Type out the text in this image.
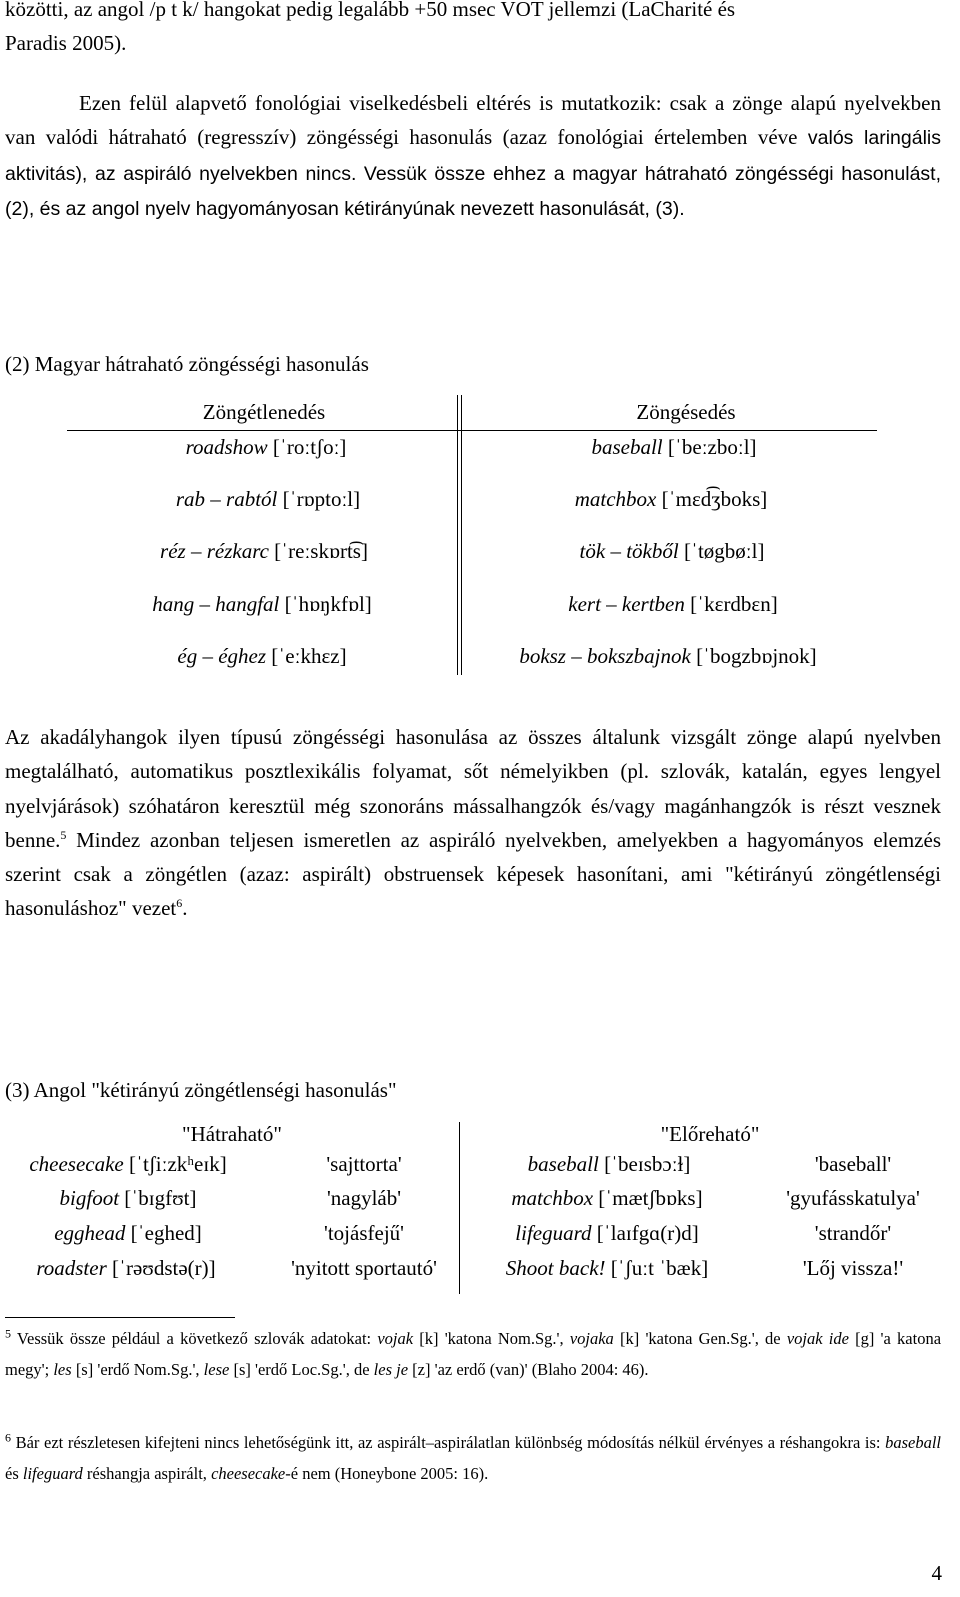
közötti, az angol /p t k/ hangokat pedig legalább +50 msec VOT jellemzi (LaCharité és
Paradis 2005).

Ezen felül alapvető fonológiai viselkedésbeli eltérés is mutatkozik: csak a zönge alapú nyelvekben van valódi hátraható (regresszív) zöngésségi hasonulás (azaz fonológiai értelemben véve valós laringális aktivitás), az aspiráló nyelvekben nincs. Vessük össze ehhez a magyar hátraható zöngésségi hasonulást, (2), és az angol nyelv hagyományosan kétirányúnak nevezett hasonulását, (3).

(2) Magyar hátraható zöngésségi hasonulás
Zöngétlenedés	Zöngésedés
roadshow [ˈroːtʃoː]
rab – rabtól [ˈrɒptoːl]
réz – rézkarc [ˈreːskɒrt͡s]
hang – hangfal [ˈhɒŋkfɒl]
ég – éghez [ˈeːkhɛz]
baseball [ˈbeːzboːl]
matchbox [ˈmɛd͡ʒboks]
tök – tökből [ˈtøgbøːl]
kert – kertben [ˈkɛrdbɛn]
boksz – bokszbajnok [ˈbogzbɒjnok]

Az akadályhangok ilyen típusú zöngésségi hasonulása az összes általunk vizsgált zönge alapú nyelvben megtalálható, automatikus posztlexikális folyamat, sőt némelyikben (pl. szlovák, katalán, egyes lengyel nyelvjárások) szóhatáron keresztül még szonoráns mássalhangzók és/vagy magánhangzók is részt vesznek benne.$^5$ Mindez azonban teljesen ismeretlen az aspiráló nyelvekben, amelyekben a hagyományos elemzés szerint csak a zöngétlen (azaz: aspirált) obstruensek képesek hasonítani, ami "kétirányú zöngétlenségi hasonuláshoz" vezet$^6$.

(3) Angol "kétirányú zöngétlenségi hasonulás"
"Hátraható"	"Előreható"
cheesecake [ˈtʃiːzkʰeɪk]
bigfoot [ˈbɪgfʊt]
egghead [ˈeghed]
roadster [ˈrəʊdstə(r)]
'sajttorta'
'nagyláb'
'tojásfejű'
'nyitott sportautó'
baseball [ˈbeɪsbɔːɫ]
matchbox [ˈmætʃbɒks]
lifeguard [ˈlaɪfgɑ(r)d]
Shoot back! [ˈʃuːt ˈbæk]
'baseball'
'gyufásskatulya'
'strandőr'
'Lőj vissza!'

$^5$ Vessük össze például a következő szlovák adatokat: vojak [k] 'katona Nom.Sg.', vojaka [k] 'katona Gen.Sg.', de vojak ide [g] 'a katona megy'; les [s] 'erdő Nom.Sg.', lese [s] 'erdő Loc.Sg.', de les je [z] 'az erdő (van)' (Blaho 2004: 46).

$^6$ Bár ezt részletesen kifejteni nincs lehetőségünk itt, az aspirált–aspirálatlan különbség módosítás nélkül érvényes a réshangokra is: baseball és lifeguard réshangja aspirált, cheesecake-é nem (Honeybone 2005: 16).

4
